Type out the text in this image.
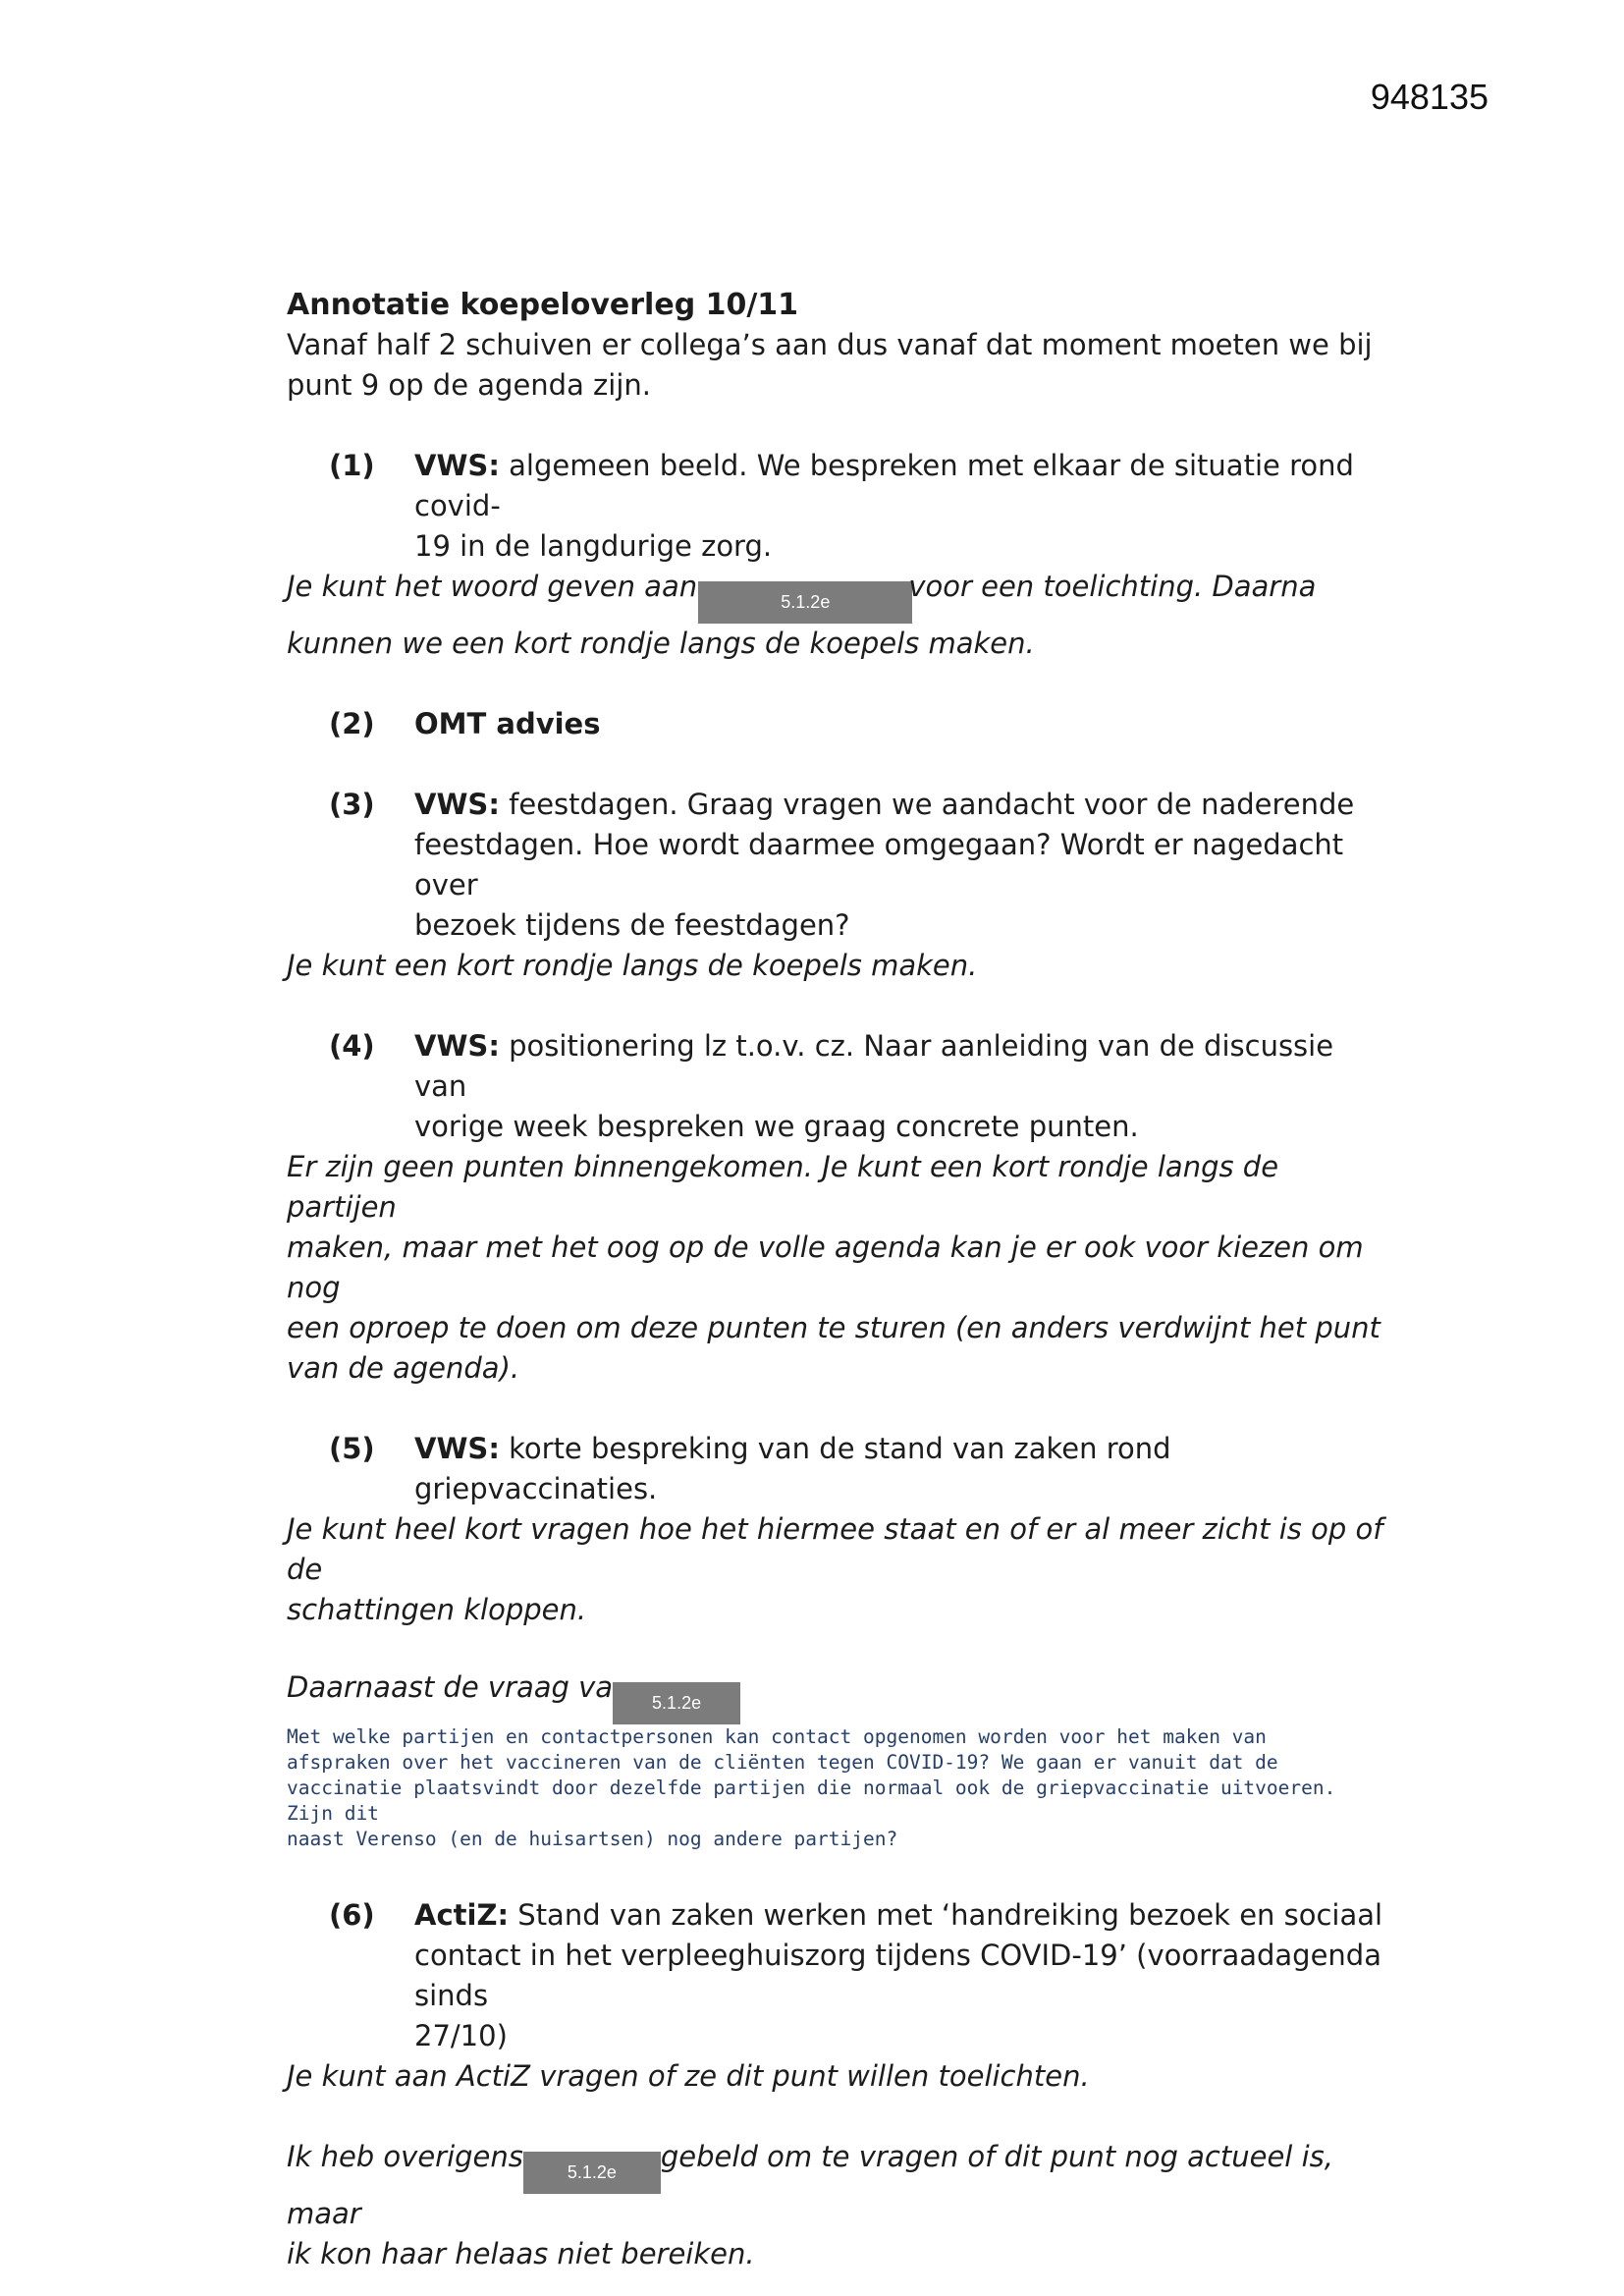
948135

Annotatie koepeloverleg 10/11

Vanaf half 2 schuiven er collega’s aan dus vanaf dat moment moeten we bij

punt 9 op de agenda zijn.

(1) VWS: algemeen beeld. We bespreken met elkaar de situatie rond covid-
19 in de langdurige zorg.

Je kunt het woord geven aan	5.1.2e	voor een toelichting. Daarna

kunnen we een kort rondje langs de koepels maken.

(2) OMT advies
(3) VWS: feestdagen. Graag vragen we aandacht voor de naderende
feestdagen. Hoe wordt daarmee omgegaan? Wordt er nagedacht over
bezoek tijdens de feestdagen?

Je kunt een kort rondje langs de koepels maken.

(4) VWS: positionering lz t.o.v. cz. Naar aanleiding van de discussie van
vorige week bespreken we graag concrete punten.

Er zijn geen punten binnengekomen. Je kunt een kort rondje langs de partijen

maken, maar met het oog op de volle agenda kan je er ook voor kiezen om nog

een oproep te doen om deze punten te sturen (en anders verdwijnt het punt

van de agenda).

(5) VWS: korte bespreking van de stand van zaken rond griepvaccinaties.

Je kunt heel kort vragen hoe het hiermee staat en of er al meer zicht is op of de

schattingen kloppen.

Daarnaast de vraag va 5.1.2e

Met welke partijen en contactpersonen kan contact opgenomen worden voor het maken van
afspraken over het vaccineren van de cliënten tegen COVID-19? We gaan er vanuit dat de
vaccinatie plaatsvindt door dezelfde partijen die normaal ook de griepvaccinatie uitvoeren. Zijn dit
naast Verenso (en de huisartsen) nog andere partijen?
(6) ActiZ: Stand van zaken werken met ‘handreiking bezoek en sociaal
contact in het verpleeghuiszorg tijdens COVID-19’ (voorraadagenda sinds
27/10)

Je kunt aan ActiZ vragen of ze dit punt willen toelichten.

Ik heb overigens 5.1.2e gebeld om te vragen of dit punt nog actueel is, maar

ik kon haar helaas niet bereiken.
